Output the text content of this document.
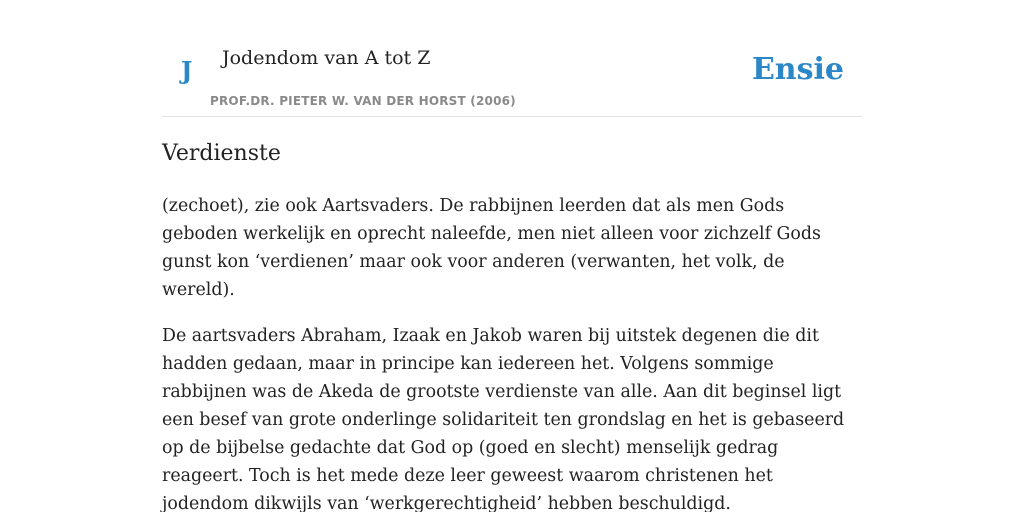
J Jodendom van A tot Z
PROF.DR. PIETER W. VAN DER HORST (2006)
Ensie
Verdienste

(zechoet), zie ook Aartsvaders. De rabbijnen leerden dat als men Gods geboden werkelijk en oprecht naleefde, men niet alleen voor zichzelf Gods gunst kon ‘verdienen’ maar ook voor anderen (verwanten, het volk, de wereld).

De aartsvaders Abraham, Izaak en Jakob waren bij uitstek degenen die dit hadden gedaan, maar in principe kan iedereen het. Volgens sommige rabbijnen was de Akeda de grootste verdienste van alle. Aan dit beginsel ligt een besef van grote onderlinge solidariteit ten grondslag en het is gebaseerd op de bijbelse gedachte dat God op (goed en slecht) menselijk gedrag reageert. Toch is het mede deze leer geweest waarom christenen het jodendom dikwijls van ‘werkgerechtigheid’ hebben beschuldigd.
